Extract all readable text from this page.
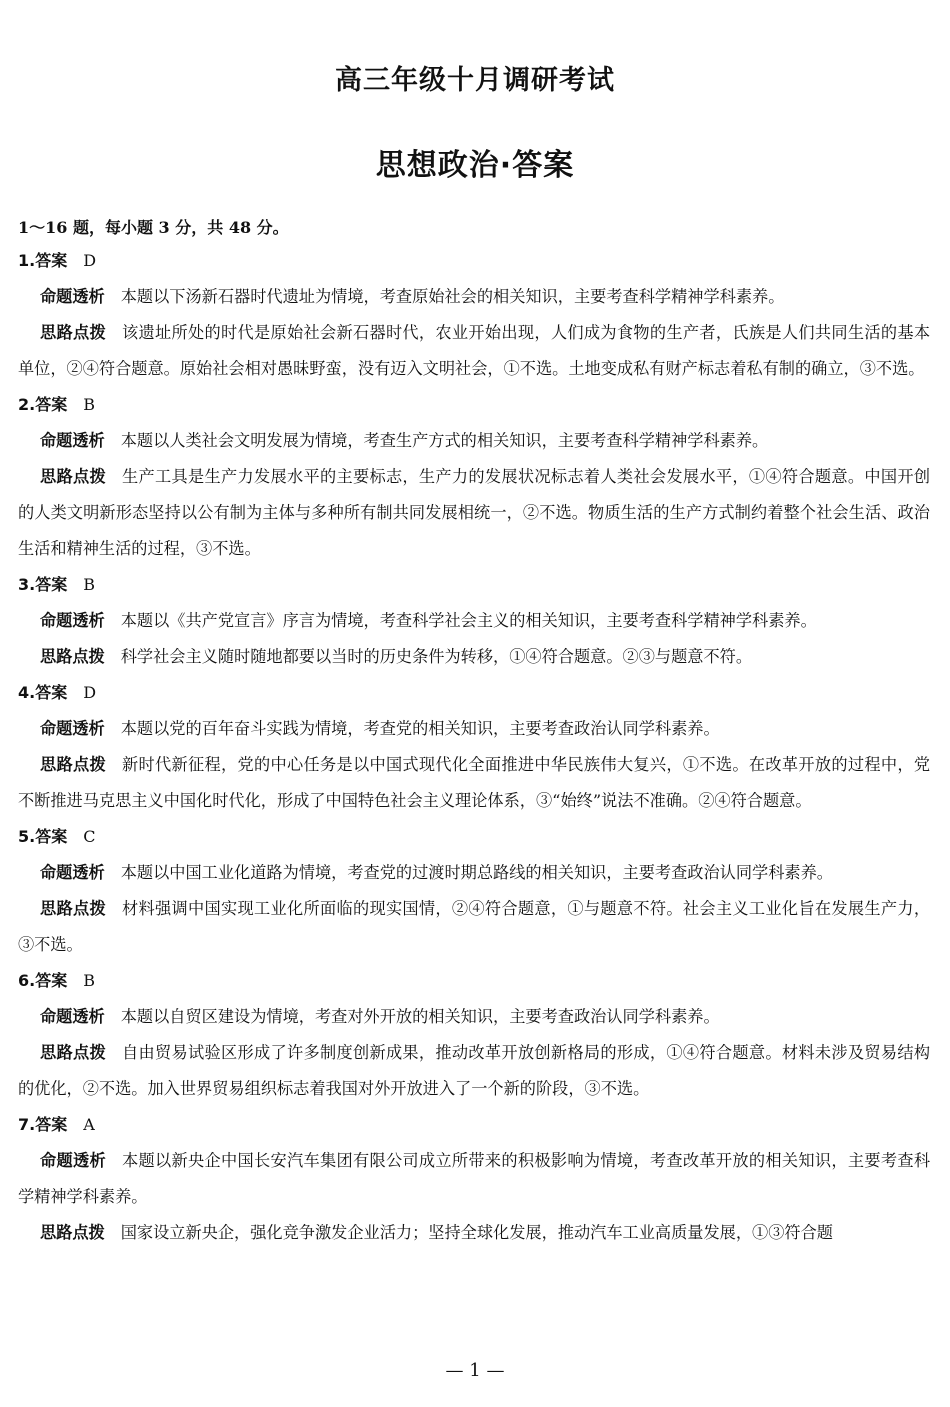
高三年级十月调研考试
思想政治·答案
1～16 题，每小题 3 分，共 48 分。
1.答案 D
命题透析 本题以下汤新石器时代遗址为情境，考查原始社会的相关知识，主要考查科学精神学科素养。
思路点拨 该遗址所处的时代是原始社会新石器时代，农业开始出现，人们成为食物的生产者，氏族是人们共同生活的基本单位，②④符合题意。原始社会相对愚昧野蛮，没有迈入文明社会，①不选。土地变成私有财产标志着私有制的确立，③不选。
2.答案 B
命题透析 本题以人类社会文明发展为情境，考查生产方式的相关知识，主要考查科学精神学科素养。
思路点拨 生产工具是生产力发展水平的主要标志，生产力的发展状况标志着人类社会发展水平，①④符合题意。中国开创的人类文明新形态坚持以公有制为主体与多种所有制共同发展相统一，②不选。物质生活的生产方式制约着整个社会生活、政治生活和精神生活的过程，③不选。
3.答案 B
命题透析 本题以《共产党宣言》序言为情境，考查科学社会主义的相关知识，主要考查科学精神学科素养。
思路点拨 科学社会主义随时随地都要以当时的历史条件为转移，①④符合题意。②③与题意不符。
4.答案 D
命题透析 本题以党的百年奋斗实践为情境，考查党的相关知识，主要考查政治认同学科素养。
思路点拨 新时代新征程，党的中心任务是以中国式现代化全面推进中华民族伟大复兴，①不选。在改革开放的过程中，党不断推进马克思主义中国化时代化，形成了中国特色社会主义理论体系，③“始终”说法不准确。②④符合题意。
5.答案 C
命题透析 本题以中国工业化道路为情境，考查党的过渡时期总路线的相关知识，主要考查政治认同学科素养。
思路点拨 材料强调中国实现工业化所面临的现实国情，②④符合题意，①与题意不符。社会主义工业化旨在发展生产力，③不选。
6.答案 B
命题透析 本题以自贸区建设为情境，考查对外开放的相关知识，主要考查政治认同学科素养。
思路点拨 自由贸易试验区形成了许多制度创新成果，推动改革开放创新格局的形成，①④符合题意。材料未涉及贸易结构的优化，②不选。加入世界贸易组织标志着我国对外开放进入了一个新的阶段，③不选。
7.答案 A
命题透析 本题以新央企中国长安汽车集团有限公司成立所带来的积极影响为情境，考查改革开放的相关知识，主要考查科学精神学科素养。
思路点拨 国家设立新央企，强化竞争激发企业活力；坚持全球化发展，推动汽车工业高质量发展，①③符合题
— 1 —
